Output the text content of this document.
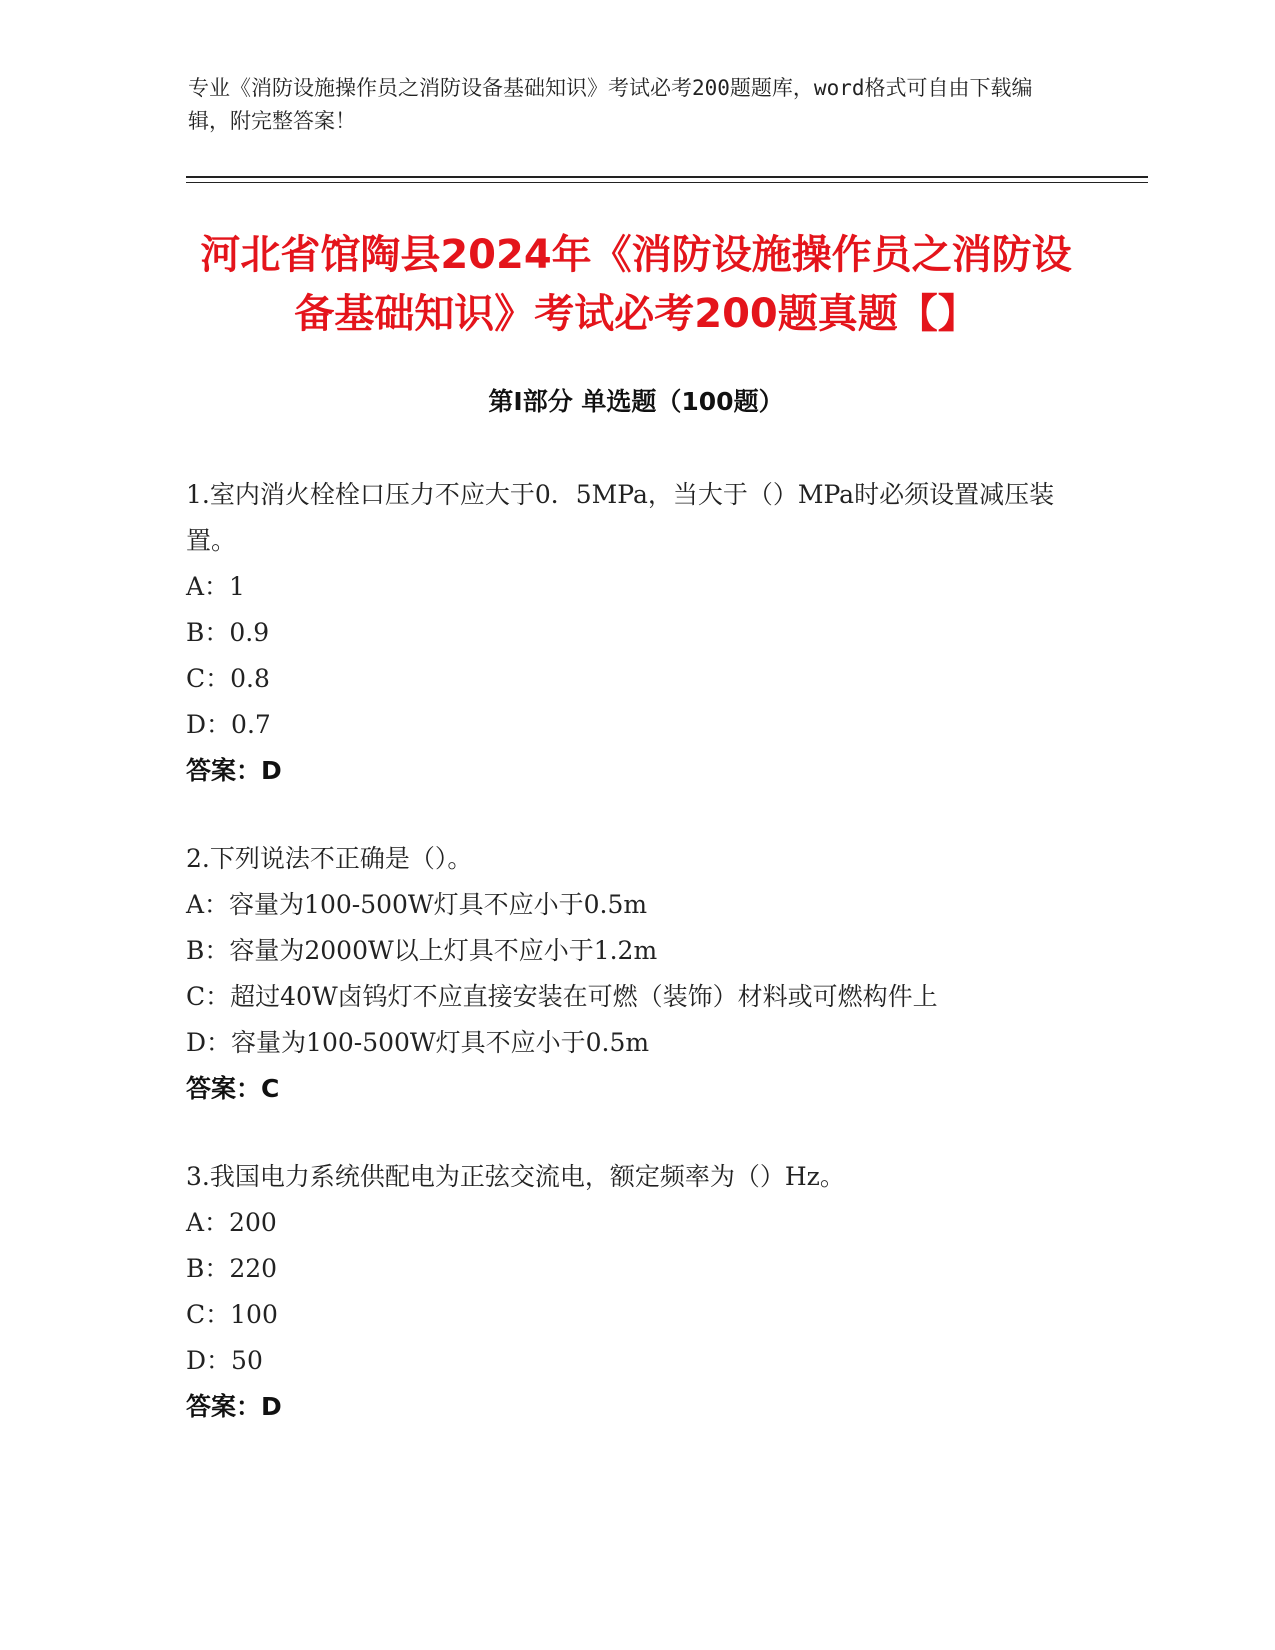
专业《消防设施操作员之消防设备基础知识》考试必考200题题库，word格式可自由下载编辑，附完整答案！

河北省馆陶县2024年《消防设施操作员之消防设备基础知识》考试必考200题真题【】
第I部分 单选题（100题）

1.室内消火栓栓口压力不应大于0．5MPa，当大于（）MPa时必须设置减压装置。

A：1

B：0.9

C：0.8

D：0.7

答案：D

2.下列说法不正确是（）。

A：容量为100-500W灯具不应小于0.5m

B：容量为2000W以上灯具不应小于1.2m

C：超过40W卤钨灯不应直接安装在可燃（装饰）材料或可燃构件上

D：容量为100-500W灯具不应小于0.5m

答案：C

3.我国电力系统供配电为正弦交流电，额定频率为（）Hz。

A：200

B：220

C：100

D：50

答案：D
